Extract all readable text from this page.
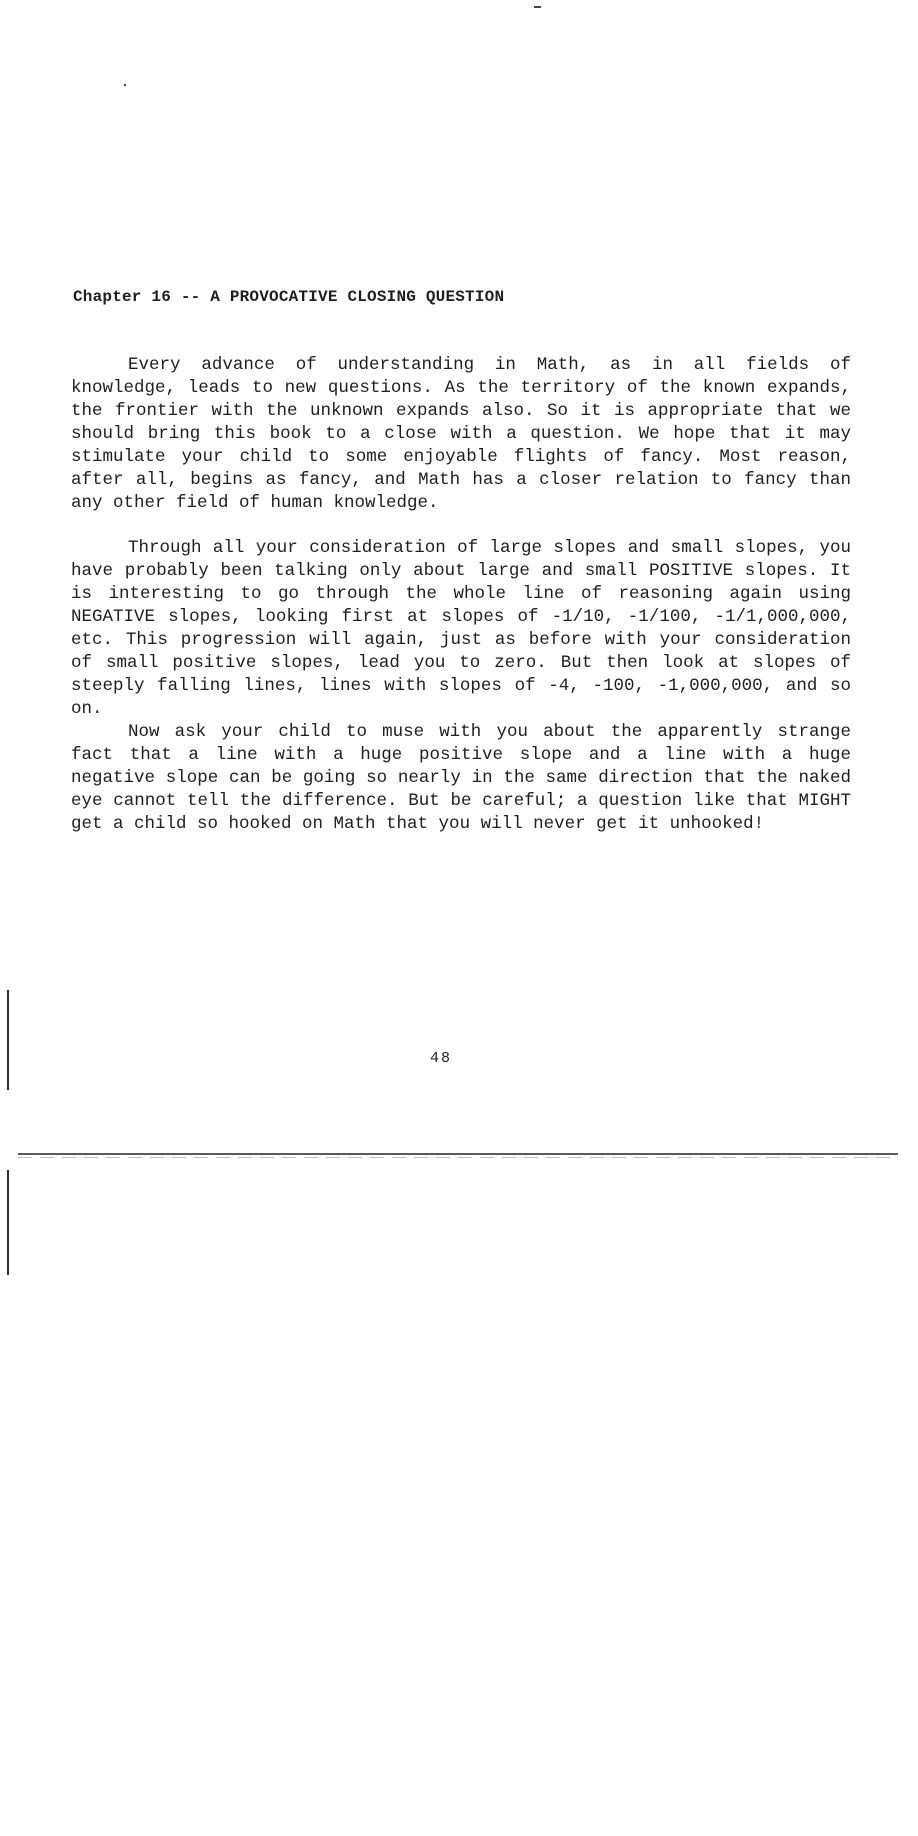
Chapter 16 -- A PROVOCATIVE CLOSING QUESTION

Every advance of understanding in Math, as in all fields of knowledge, leads to new questions. As the territory of the known expands, the frontier with the unknown expands also. So it is appropriate that we should bring this book to a close with a question. We hope that it may stimulate your child to some enjoyable flights of fancy. Most reason, after all, begins as fancy, and Math has a closer relation to fancy than any other field of human knowledge.

Through all your consideration of large slopes and small slopes, you have probably been talking only about large and small POSITIVE slopes. It is interesting to go through the whole line of reasoning again using NEGATIVE slopes, looking first at slopes of -1/10, -1/100, -1/1,000,000, etc. This progression will again, just as before with your consideration of small positive slopes, lead you to zero. But then look at slopes of steeply falling lines, lines with slopes of -4, -100, -1,000,000, and so on.

Now ask your child to muse with you about the apparently strange fact that a line with a huge positive slope and a line with a huge negative slope can be going so nearly in the same direction that the naked eye cannot tell the difference. But be careful; a question like that MIGHT get a child so hooked on Math that you will never get it unhooked!

48
